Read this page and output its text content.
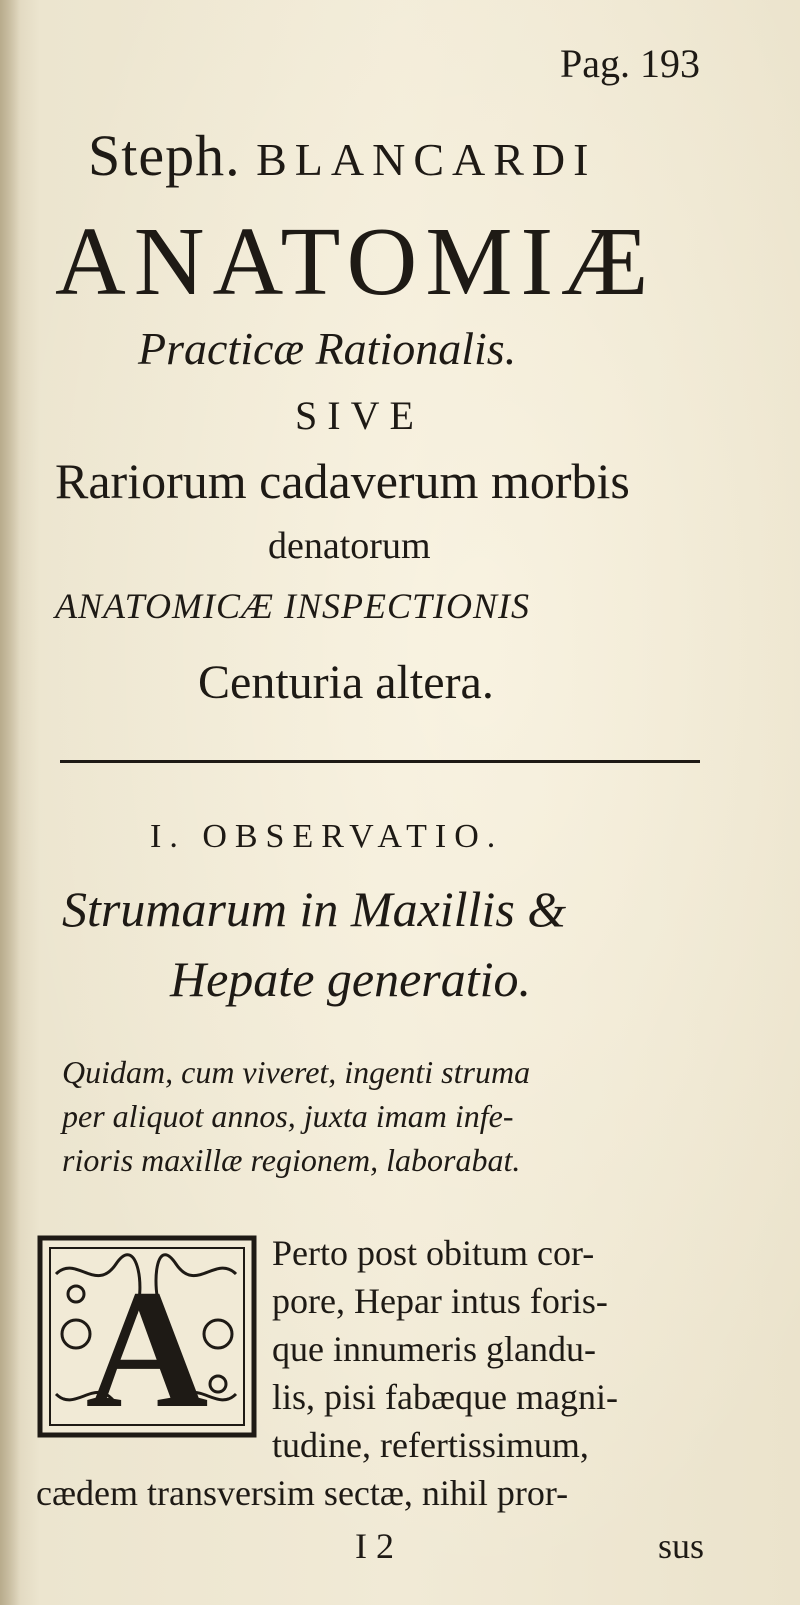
Pag. 193
Steph. BLANCARDI
ANATOMIÆ
Practicæ Rationalis.
SIVE
Rariorum cadaverum morbis
denatorum
ANATOMICÆ INSPECTIONIS
Centuria altera.
I. OBSERVATIO.
Strumarum in Maxillis &
Hepate generatio.
Quidam, cum viveret, ingenti struma
per aliquot annos, juxta imam infe-
rioris maxillæ regionem, laborabat.
A
Perto post obitum cor-
pore, Hepar intus foris-
que innumeris glandu-
lis, pisi fabæque magni-
tudine, refertissimum,
cædem transversim sectæ, nihil pror-
I 2	sus
